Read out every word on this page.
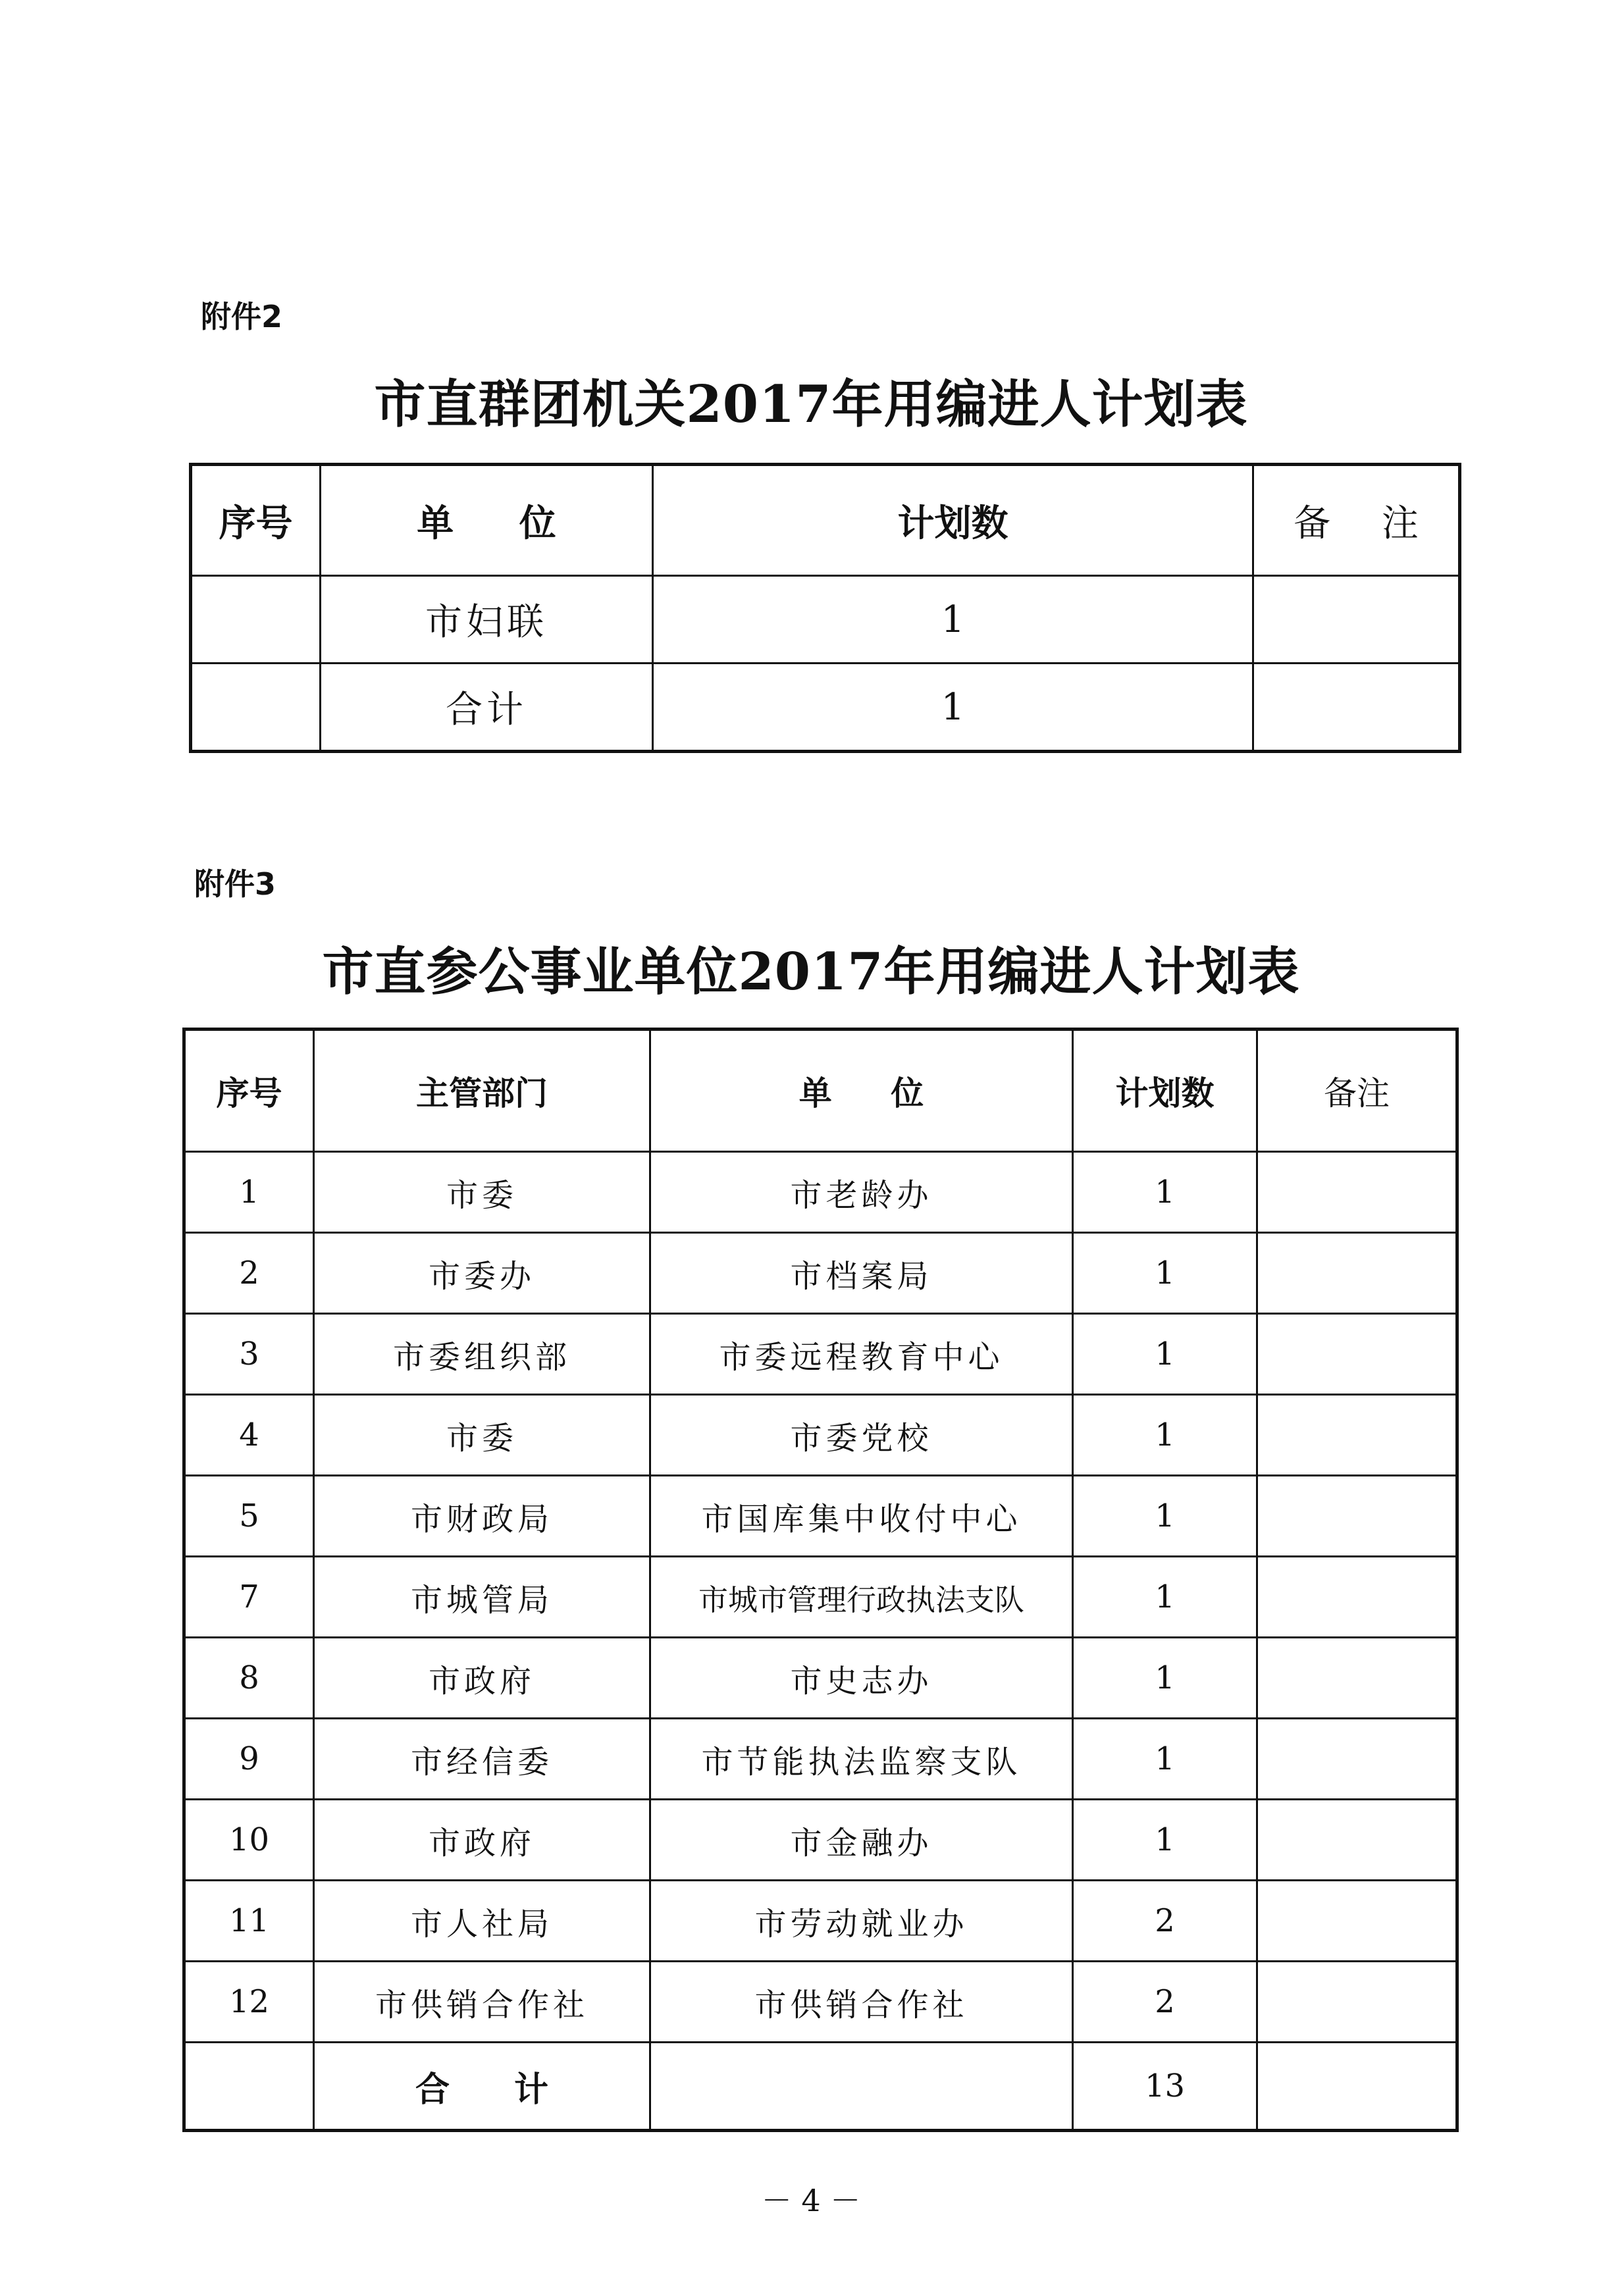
附件2
市直群团机关2017年用编进人计划表
序号	单 位	计划数	备 注
	市妇联	1	
	合计	1	
附件3
市直参公事业单位2017年用编进人计划表
序号	主管部门	单 位	计划数	备注
1	市委	市老龄办	1	
2	市委办	市档案局	1	
3	市委组织部	市委远程教育中心	1	
4	市委	市委党校	1	
5	市财政局	市国库集中收付中心	1	
7	市城管局	市城市管理行政执法支队	1	
8	市政府	市史志办	1	
9	市经信委	市节能执法监察支队	1	
10	市政府	市金融办	1	
11	市人社局	市劳动就业办	2	
12	市供销合作社	市供销合作社	2	
	合 计		13	
－ 4 －
